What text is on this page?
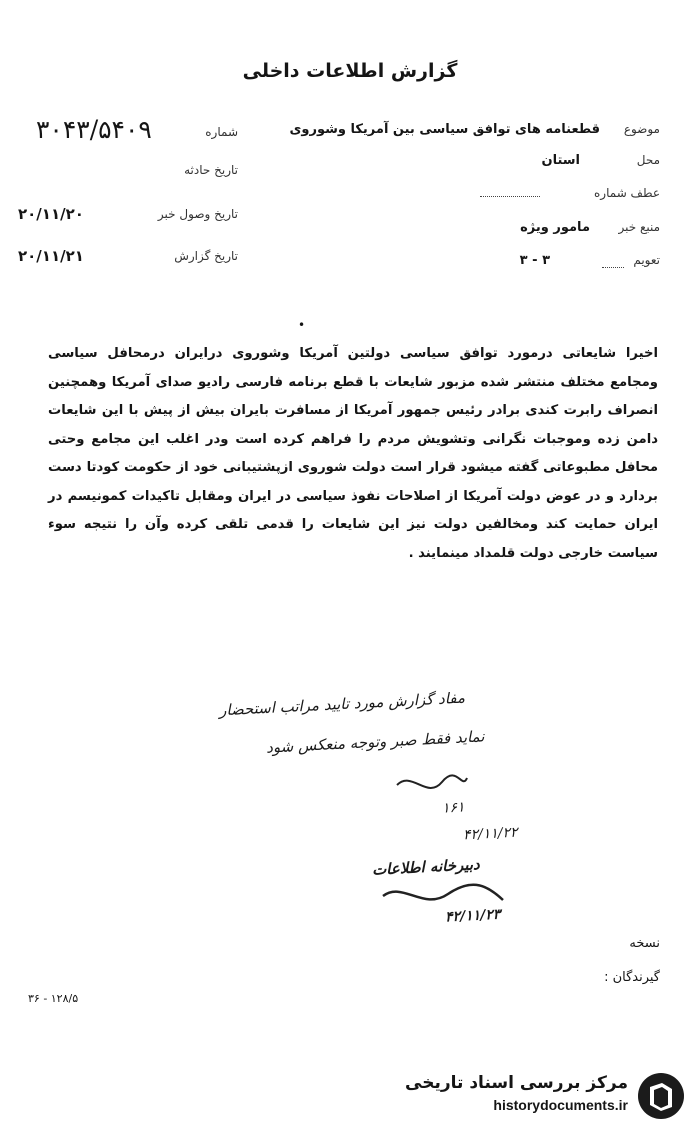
گزارش اطلاعات داخلی
موضوع
قطعنامه های توافق سیاسی بین آمریکا وشوروی
محل
استان
عطف شماره
منبع خبر
مامور ویژه
تعویم
۳ - ۳
شماره
۳۰۴۳/۵۴۰۹
تاریخ حادثه
تاریخ وصول خبر
۲۰/۱۱/۲۰
تاریخ گزارش
۲۰/۱۱/۲۱
•
اخیرا شایعاتی درمورد توافق سیاسی دولتین آمریکا وشوروی درایران درمحافل سیاسی ومجامع مختلف منتشر شده مزبور شایعات با قطع برنامه فارسی رادیو صدای آمریکا وهمچنین انصراف رابرت کندی برادر رئیس جمهور آمریکا از مسافرت بایران بیش از پیش با این شایعات دامن زده وموجبات نگرانی وتشویش مردم را فراهم کرده است ودر اغلب این مجامع وحتی محافل مطبوعاتی گفته میشود قرار است دولت شوروی ازپشتیبانی خود از حکومت کودتا دست بردارد و در عوض دولت آمریکا از اصلاحات نفوذ سیاسی در ایران ومقابل تاکیدات کمونیسم در ایران حمایت کند ومخالفین دولت نیز این شایعات را قدمی تلقی کرده وآن را نتیجه سوء سیاست خارجی دولت قلمداد مینمایند .
مفاد گزارش مورد تایید مراتب استحضار
نماید فقط صبر وتوجه منعکس شود
۱۶۱
۴۲/۱۱/۲۲
دبیرخانه اطلاعات
۴۲/۱۱/۲۳
نسخه
گیرندگان :
۳۶ - ۱۲۸/۵
مرکز بررسی اسناد تاریخی
historydocuments.ir
